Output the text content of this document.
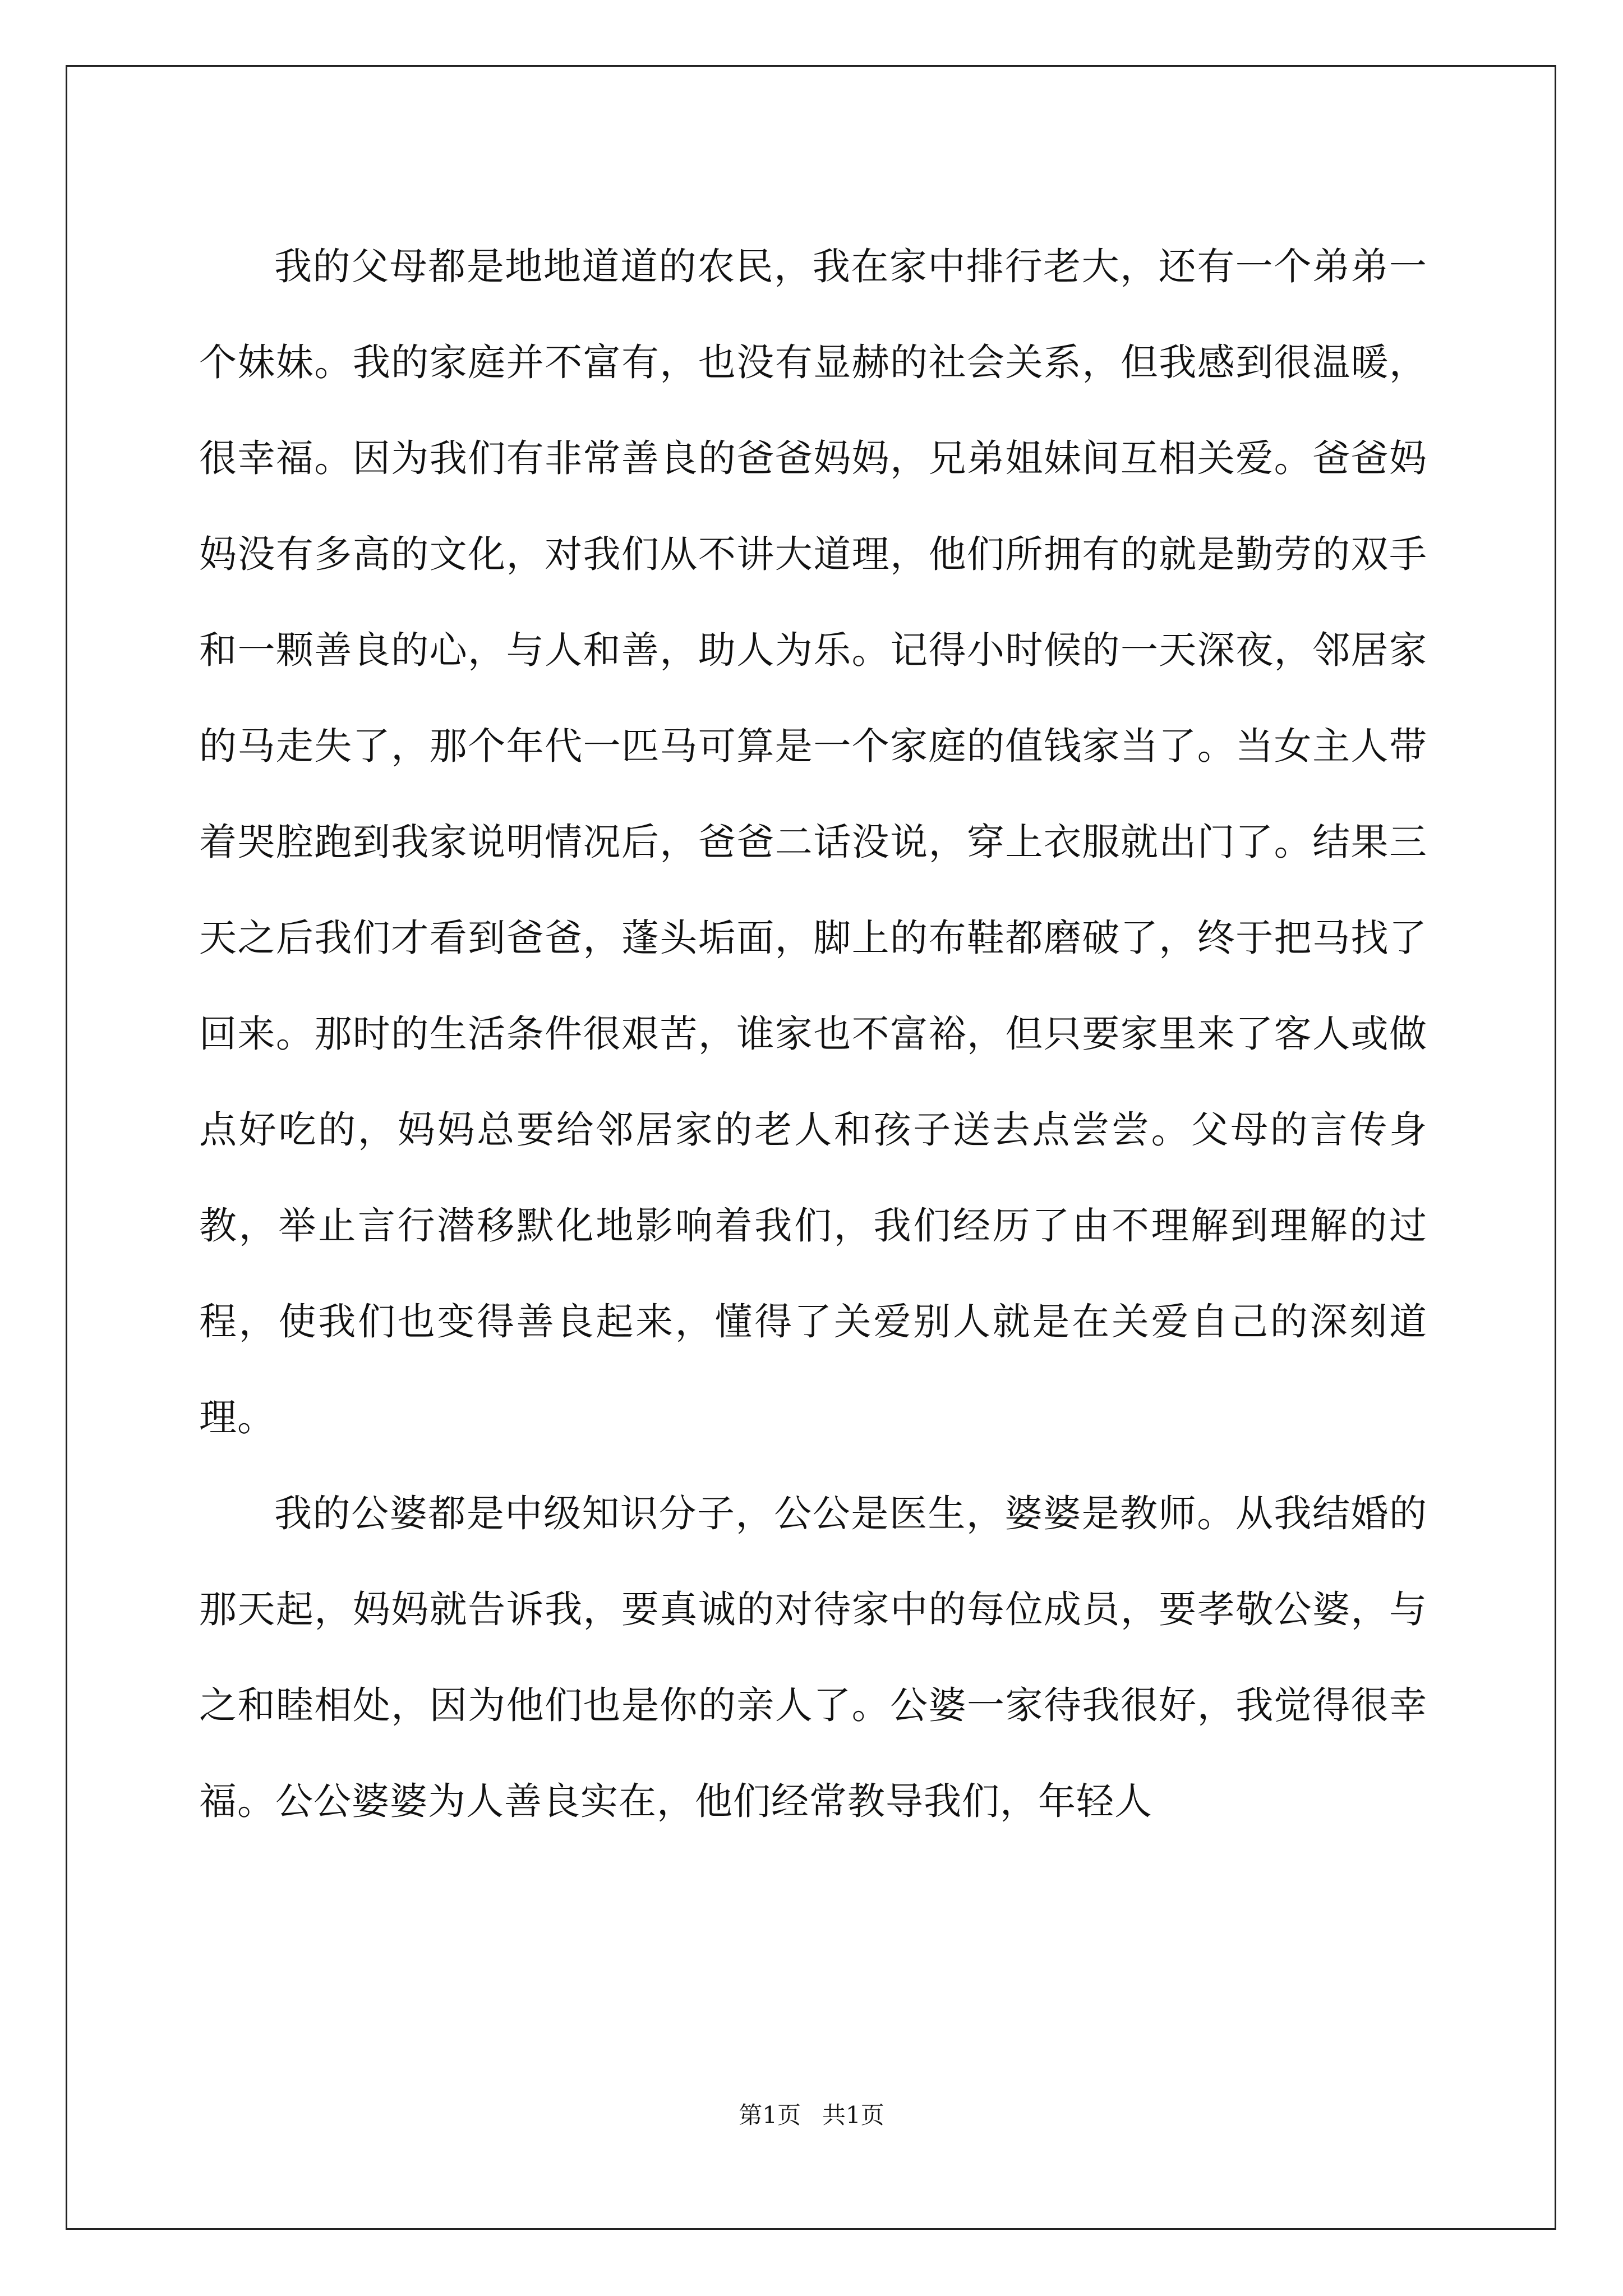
我的父母都是地地道道的农民，我在家中排行老大，还有一个弟弟一个妹妹。我的家庭并不富有，也没有显赫的社会关系，但我感到很温暖，很幸福。因为我们有非常善良的爸爸妈妈，兄弟姐妹间互相关爱。爸爸妈妈没有多高的文化，对我们从不讲大道理，他们所拥有的就是勤劳的双手和一颗善良的心，与人和善，助人为乐。记得小时候的一天深夜，邻居家的马走失了，那个年代一匹马可算是一个家庭的值钱家当了。当女主人带着哭腔跑到我家说明情况后，爸爸二话没说，穿上衣服就出门了。结果三天之后我们才看到爸爸，蓬头垢面，脚上的布鞋都磨破了，终于把马找了回来。那时的生活条件很艰苦，谁家也不富裕，但只要家里来了客人或做点好吃的，妈妈总要给邻居家的老人和孩子送去点尝尝。父母的言传身教，举止言行潜移默化地影响着我们，我们经历了由不理解到理解的过程，使我们也变得善良起来，懂得了关爱别人就是在关爱自己的深刻道理。

我的公婆都是中级知识分子，公公是医生，婆婆是教师。从我结婚的那天起，妈妈就告诉我，要真诚的对待家中的每位成员，要孝敬公婆，与之和睦相处，因为他们也是你的亲人了。公婆一家待我很好，我觉得很幸福。公公婆婆为人善良实在，他们经常教导我们，年轻人

第1页 共1页
